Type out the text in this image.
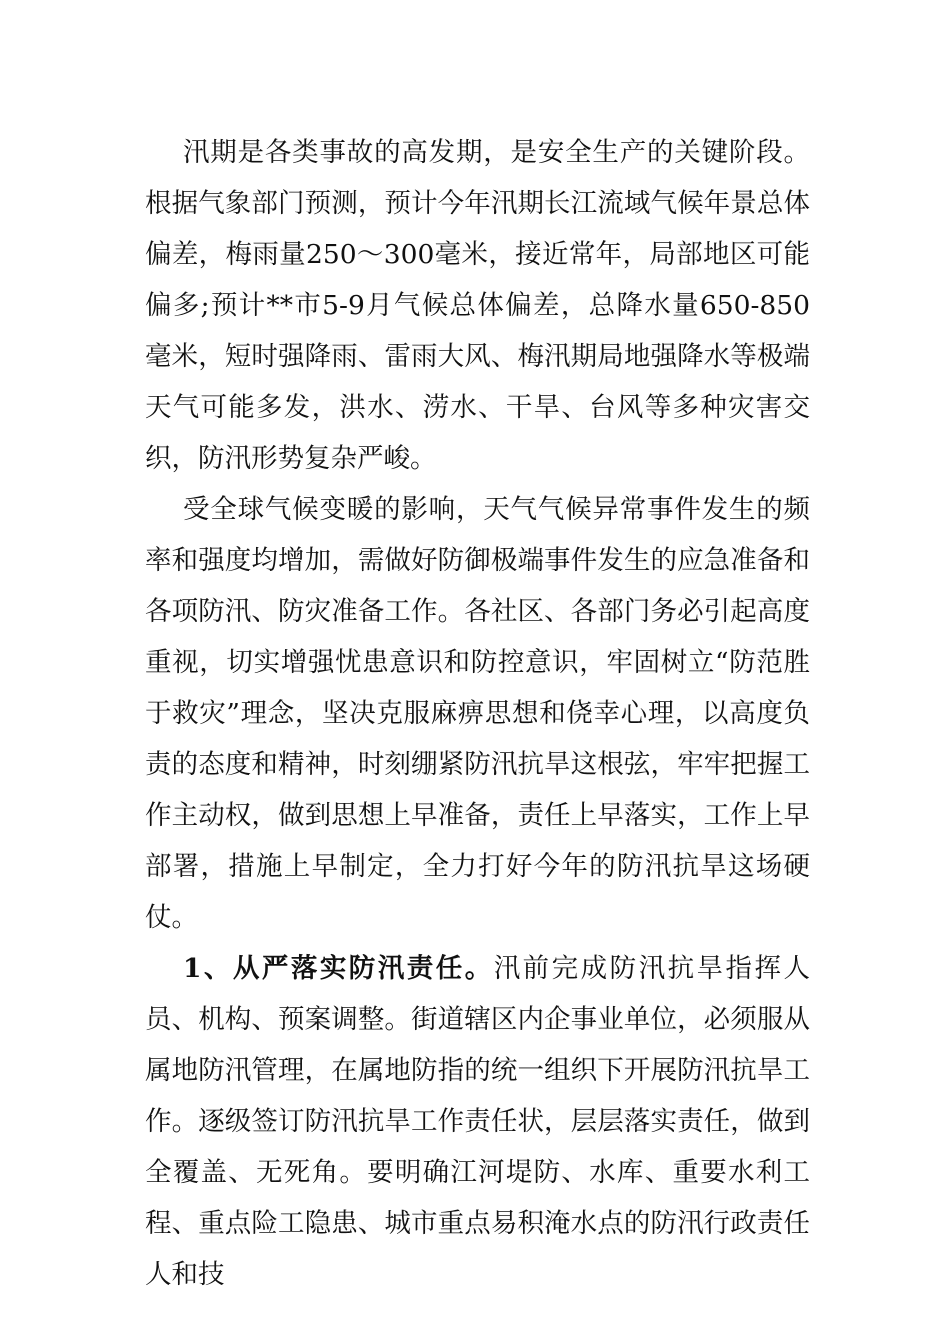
汛期是各类事故的高发期，是安全生产的关键阶段。根据气象部门预测，预计今年汛期长江流域气候年景总体偏差，梅雨量250～300毫米，接近常年，局部地区可能偏多;预计**市5-9月气候总体偏差，总降水量650-850毫米，短时强降雨、雷雨大风、梅汛期局地强降水等极端天气可能多发，洪水、涝水、干旱、台风等多种灾害交织，防汛形势复杂严峻。

受全球气候变暖的影响，天气气候异常事件发生的频率和强度均增加，需做好防御极端事件发生的应急准备和各项防汛、防灾准备工作。各社区、各部门务必引起高度重视，切实增强忧患意识和防控意识，牢固树立“防范胜于救灾”理念，坚决克服麻痹思想和侥幸心理，以高度负责的态度和精神，时刻绷紧防汛抗旱这根弦，牢牢把握工作主动权，做到思想上早准备，责任上早落实，工作上早部署，措施上早制定，全力打好今年的防汛抗旱这场硬仗。

1、从严落实防汛责任。汛前完成防汛抗旱指挥人员、机构、预案调整。街道辖区内企事业单位，必须服从属地防汛管理，在属地防指的统一组织下开展防汛抗旱工作。逐级签订防汛抗旱工作责任状，层层落实责任，做到全覆盖、无死角。要明确江河堤防、水库、重要水利工程、重点险工隐患、城市重点易积淹水点的防汛行政责任人和技
